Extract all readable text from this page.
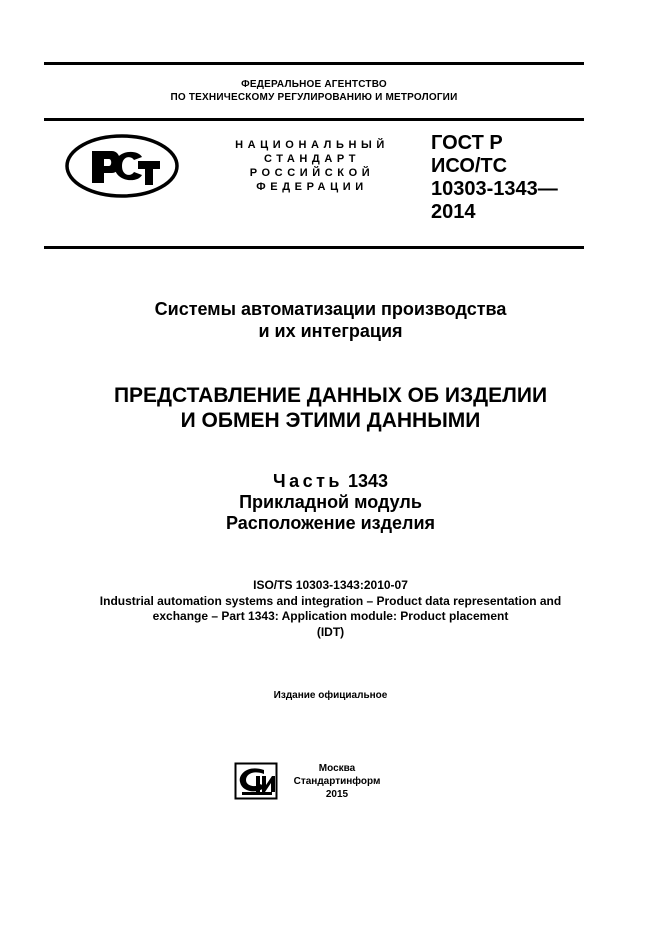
ФЕДЕРАЛЬНОЕ АГЕНТСТВО
ПО ТЕХНИЧЕСКОМУ РЕГУЛИРОВАНИЮ И МЕТРОЛОГИИ
НАЦИОНАЛЬНЫЙ
СТАНДАРТ
РОССИЙСКОЙ
ФЕДЕРАЦИИ
ГОСТ Р
ИСО/ТС
10303-1343—
2014
Системы автоматизации производства
и их интеграция
ПРЕДСТАВЛЕНИЕ ДАННЫХ ОБ ИЗДЕЛИИ
И ОБМЕН ЭТИМИ ДАННЫМИ
Часть 1343
Прикладной модуль
Расположение изделия
ISO/TS 10303-1343:2010-07
Industrial automation systems and integration – Product data representation and
exchange – Part 1343: Application module: Product placement
(IDT)
Издание официальное
Москва
Стандартинформ
2015
